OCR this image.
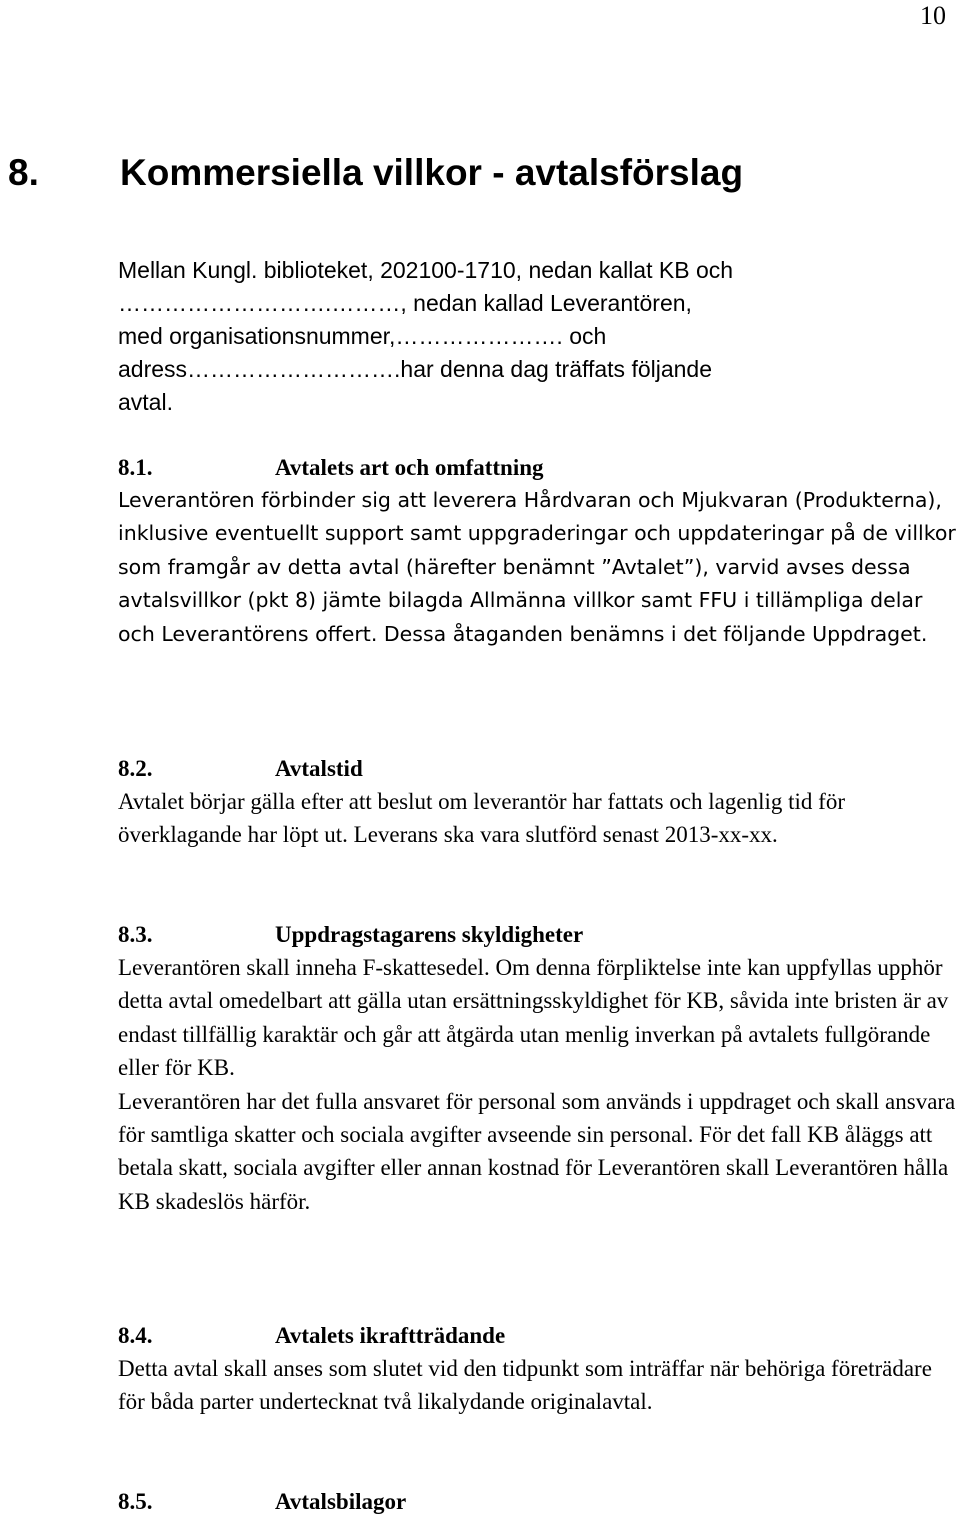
10
8. Kommersiella villkor - avtalsförslag

Mellan Kungl. biblioteket, 202100-1710, nedan kallat KB och

……………………….………, nedan kallad Leverantören,

med organisationsnummer,…………………. och

adress……………………….har denna dag träffats följande

avtal.

8.1.	Avtalets art och omfattning

Leverantören förbinder sig att leverera Hårdvaran och Mjukvaran (Produkterna), inklusive eventuellt support samt uppgraderingar och uppdateringar på de villkor som framgår av detta avtal (härefter benämnt ”Avtalet”), varvid avses dessa avtalsvillkor (pkt 8) jämte bilagda Allmänna villkor samt FFU i tillämpliga delar och Leverantörens offert. Dessa åtaganden benämns i det följande Uppdraget.

8.2.	Avtalstid

Avtalet börjar gälla efter att beslut om leverantör har fattats och lagenlig tid för överklagande har löpt ut. Leverans ska vara slutförd senast 2013-xx-xx.

8.3.	Uppdragstagarens skyldigheter

Leverantören skall inneha F-skattesedel. Om denna förpliktelse inte kan uppfyllas upphör detta avtal omedelbart att gälla utan ersättningsskyldighet för KB, såvida inte bristen är av endast tillfällig karaktär och går att åtgärda utan menlig inverkan på avtalets fullgörande eller för KB.

Leverantören har det fulla ansvaret för personal som används i uppdraget och skall ansvara för samtliga skatter och sociala avgifter avseende sin personal. För det fall KB åläggs att betala skatt, sociala avgifter eller annan kostnad för Leverantören skall Leverantören hålla KB skadeslös härför.

8.4.	Avtalets ikraftträdande

Detta avtal skall anses som slutet vid den tidpunkt som inträffar när behöriga företrädare för båda parter undertecknat två likalydande originalavtal.

8.5.	Avtalsbilagor
